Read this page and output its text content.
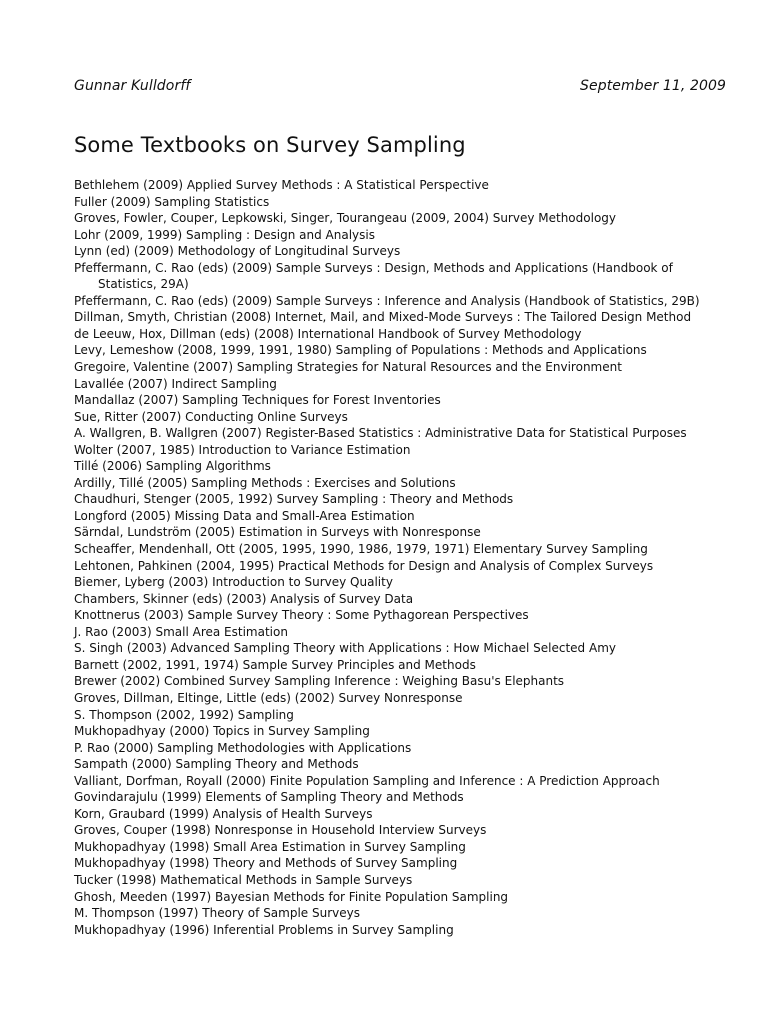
Gunnar Kulldorff	September 11, 2009
Some Textbooks on Survey Sampling
Bethlehem (2009) Applied Survey Methods : A Statistical Perspective
Fuller (2009) Sampling Statistics
Groves, Fowler, Couper, Lepkowski, Singer, Tourangeau (2009, 2004) Survey Methodology
Lohr (2009, 1999) Sampling : Design and Analysis
Lynn (ed) (2009) Methodology of Longitudinal Surveys
Pfeffermann, C. Rao (eds) (2009) Sample Surveys : Design, Methods and Applications (Handbook of Statistics, 29A)
Pfeffermann, C. Rao (eds) (2009) Sample Surveys : Inference and Analysis (Handbook of Statistics, 29B)
Dillman, Smyth, Christian (2008) Internet, Mail, and Mixed-Mode Surveys : The Tailored Design Method
de Leeuw, Hox, Dillman (eds) (2008) International Handbook of Survey Methodology
Levy, Lemeshow (2008, 1999, 1991, 1980) Sampling of Populations : Methods and Applications
Gregoire, Valentine (2007) Sampling Strategies for Natural Resources and the Environment
Lavallée (2007) Indirect Sampling
Mandallaz (2007) Sampling Techniques for Forest Inventories
Sue, Ritter (2007) Conducting Online Surveys
A. Wallgren, B. Wallgren (2007) Register-Based Statistics : Administrative Data for Statistical Purposes
Wolter (2007, 1985) Introduction to Variance Estimation
Tillé (2006) Sampling Algorithms
Ardilly, Tillé (2005) Sampling Methods : Exercises and Solutions
Chaudhuri, Stenger (2005, 1992) Survey Sampling : Theory and Methods
Longford (2005) Missing Data and Small-Area Estimation
Särndal, Lundström (2005) Estimation in Surveys with Nonresponse
Scheaffer, Mendenhall, Ott (2005, 1995, 1990, 1986, 1979, 1971) Elementary Survey Sampling
Lehtonen, Pahkinen (2004, 1995) Practical Methods for Design and Analysis of Complex Surveys
Biemer, Lyberg (2003) Introduction to Survey Quality
Chambers, Skinner (eds) (2003) Analysis of Survey Data
Knottnerus (2003) Sample Survey Theory : Some Pythagorean Perspectives
J. Rao (2003) Small Area Estimation
S. Singh (2003) Advanced Sampling Theory with Applications : How Michael Selected Amy
Barnett (2002, 1991, 1974) Sample Survey Principles and Methods
Brewer (2002) Combined Survey Sampling Inference : Weighing Basu's Elephants
Groves, Dillman, Eltinge, Little (eds) (2002) Survey Nonresponse
S. Thompson (2002, 1992) Sampling
Mukhopadhyay (2000) Topics in Survey Sampling
P. Rao (2000) Sampling Methodologies with Applications
Sampath (2000) Sampling Theory and Methods
Valliant, Dorfman, Royall (2000) Finite Population Sampling and Inference : A Prediction Approach
Govindarajulu (1999) Elements of Sampling Theory and Methods
Korn, Graubard (1999) Analysis of Health Surveys
Groves, Couper (1998) Nonresponse in Household Interview Surveys
Mukhopadhyay (1998) Small Area Estimation in Survey Sampling
Mukhopadhyay (1998) Theory and Methods of Survey Sampling
Tucker (1998) Mathematical Methods in Sample Surveys
Ghosh, Meeden (1997) Bayesian Methods for Finite Population Sampling
M. Thompson (1997) Theory of Sample Surveys
Mukhopadhyay (1996) Inferential Problems in Survey Sampling
